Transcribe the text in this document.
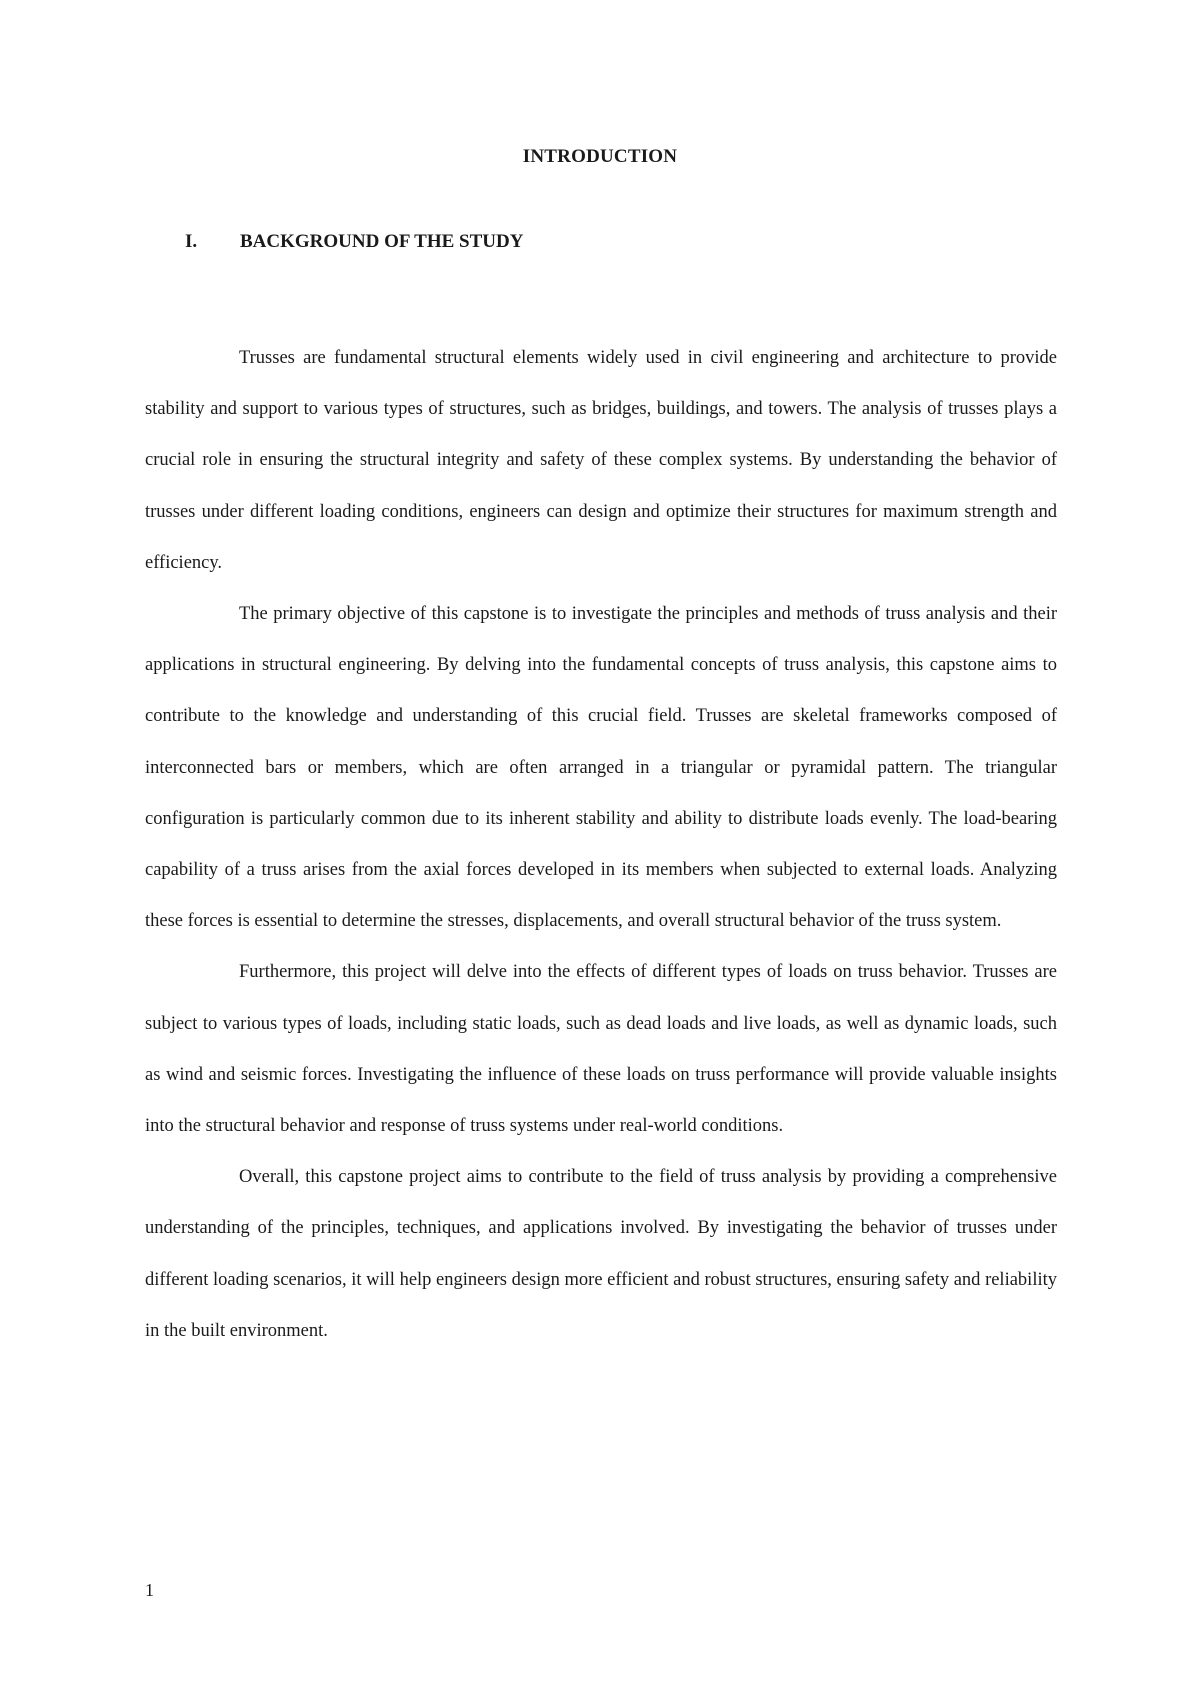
INTRODUCTION
I. BACKGROUND OF THE STUDY

Trusses are fundamental structural elements widely used in civil engineering and architecture to provide stability and support to various types of structures, such as bridges, buildings, and towers. The analysis of trusses plays a crucial role in ensuring the structural integrity and safety of these complex systems. By understanding the behavior of trusses under different loading conditions, engineers can design and optimize their structures for maximum strength and efficiency.

The primary objective of this capstone is to investigate the principles and methods of truss analysis and their applications in structural engineering. By delving into the fundamental concepts of truss analysis, this capstone aims to contribute to the knowledge and understanding of this crucial field. Trusses are skeletal frameworks composed of interconnected bars or members, which are often arranged in a triangular or pyramidal pattern. The triangular configuration is particularly common due to its inherent stability and ability to distribute loads evenly. The load-bearing capability of a truss arises from the axial forces developed in its members when subjected to external loads. Analyzing these forces is essential to determine the stresses, displacements, and overall structural behavior of the truss system.

Furthermore, this project will delve into the effects of different types of loads on truss behavior. Trusses are subject to various types of loads, including static loads, such as dead loads and live loads, as well as dynamic loads, such as wind and seismic forces. Investigating the influence of these loads on truss performance will provide valuable insights into the structural behavior and response of truss systems under real-world conditions.

Overall, this capstone project aims to contribute to the field of truss analysis by providing a comprehensive understanding of the principles, techniques, and applications involved. By investigating the behavior of trusses under different loading scenarios, it will help engineers design more efficient and robust structures, ensuring safety and reliability in the built environment.

1
